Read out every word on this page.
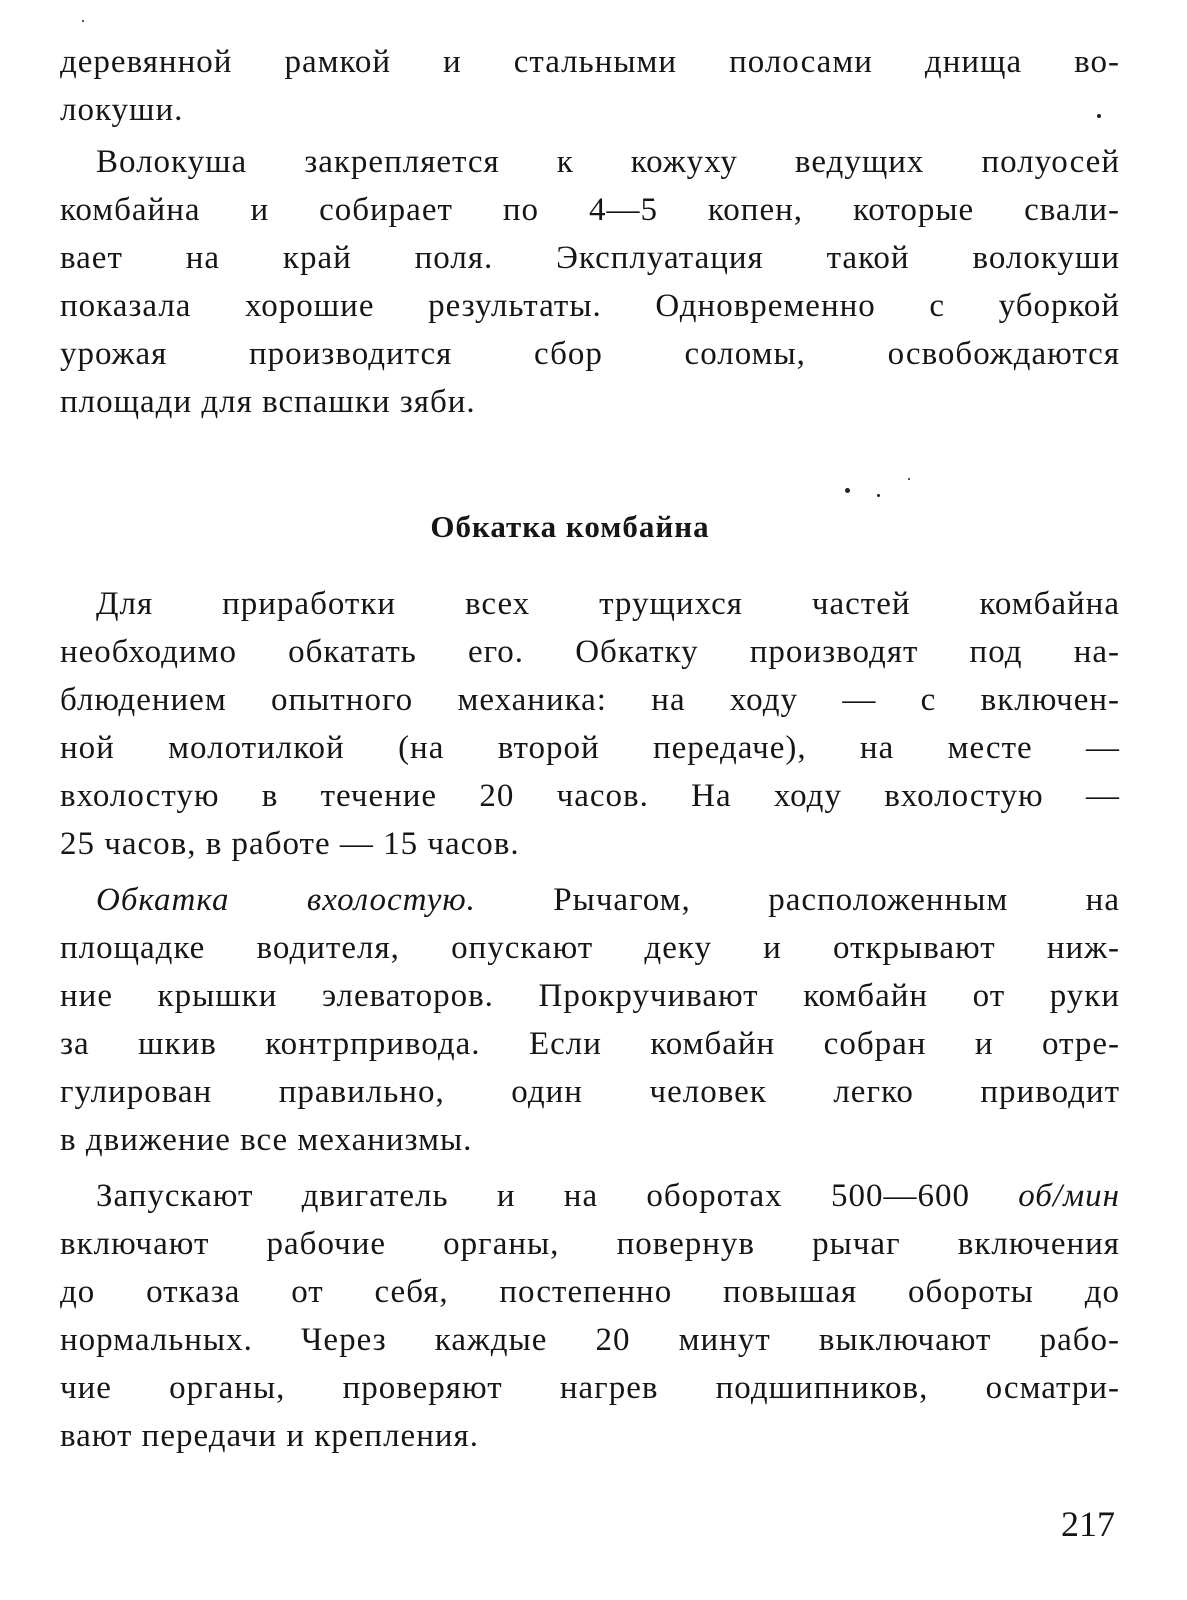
деревянной рамкой и стальными полосами днища во-
локуши.
Волокуша закрепляется к кожуху ведущих полуосей
комбайна и собирает по 4—5 копен, которые свали-
вает на край поля. Эксплуатация такой волокуши
показала хорошие результаты. Одновременно с уборкой
урожая производится сбор соломы, освобождаются
площади для вспашки зяби.
Обкатка комбайна
Для приработки всех трущихся частей комбайна
необходимо обкатать его. Обкатку производят под на-
блюдением опытного механика: на ходу — с включен-
ной молотилкой (на второй передаче), на месте —
вхолостую в течение 20 часов. На ходу вхолостую —
25 часов, в работе — 15 часов.
Обкатка вхолостую. Рычагом, расположенным на
площадке водителя, опускают деку и открывают ниж-
ние крышки элеваторов. Прокручивают комбайн от руки
за шкив контрпривода. Если комбайн собран и отре-
гулирован правильно, один человек легко приводит
в движение все механизмы.
Запускают двигатель и на оборотах 500—600 об/мин
включают рабочие органы, повернув рычаг включения
до отказа от себя, постепенно повышая обороты до
нормальных. Через каждые 20 минут выключают рабо-
чие органы, проверяют нагрев подшипников, осматри-
вают передачи и крепления.
217
